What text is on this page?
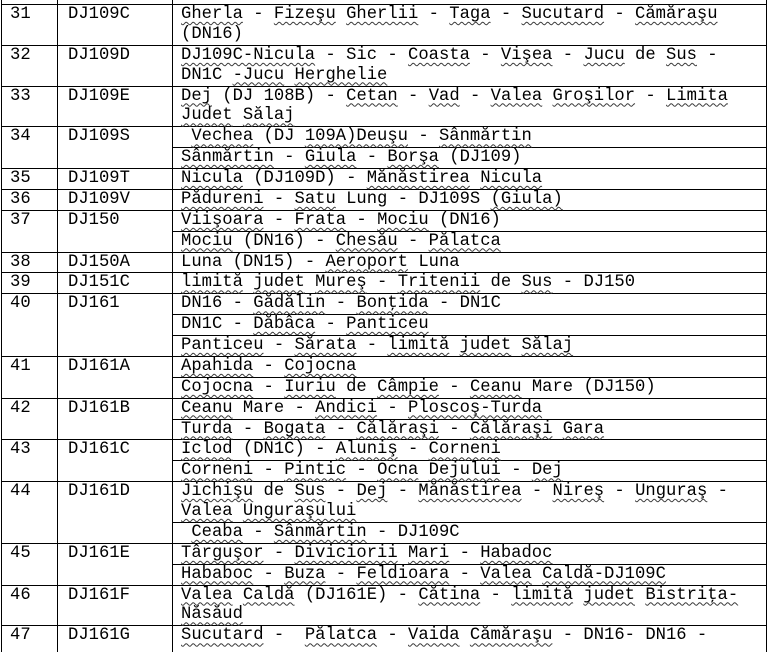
31	DJ109C	Gherla - Fizeşu Gherlii - Taga - Sucutard - Cămăraşu (DN16)
32	DJ109D	DJ109C-Nicula - Sic - Coasta - Vişea - Jucu de Sus - DN1C -Jucu Herghelie
33	DJ109E	Dej (DJ 108B) - Cetan - Vad - Valea Groşilor - Limita Judet Sălaj
34	DJ109S	Vechea (DJ 109A)Deuşu - Sânmărtin
		Sânmărtin - Giula - Borşa (DJ109)
35	DJ109T	Nicula (DJ109D) - Mănăstirea Nicula
36	DJ109V	Pădureni - Satu Lung - DJ109S (Giula)
37	DJ150	Viişoara - Frata - Mociu (DN16)
		Mociu (DN16) - Chesău - Pălatca
38	DJ150A	Luna (DN15) - Aeroport Luna
39	DJ151C	limită judet Mureş - Tritenii de Sus - DJ150
40	DJ161	DN16 - Gădălin - Bonţida - DN1C
		DN1C - Dăbâca - Panticeu
		Panticeu - Sărata - limită judet Sălaj
41	DJ161A	Apahida - Cojocna
		Cojocna - Iuriu de Câmpie - Ceanu Mare (DJ150)
42	DJ161B	Ceanu Mare - Andici - Ploscoş-Turda
		Turda - Bogata - Călăraşi - Călăraşi Gara
43	DJ161C	Iclod (DN1C) - Aluniş - Corneni
		Corneni - Pintic - Ocna Dejului - Dej
44	DJ161D	Jichişu de Sus - Dej - Mănăstirea - Nireş - Unguraş - Valea Unguraşului
		Ceaba - Sânmărtin - DJ109C
45	DJ161E	Târguşor - Diviciorii Mari - Habadoc
		Hababoc - Buza - Feldioara - Valea Caldă-DJ109C
46	DJ161F	Valea Caldă (DJ161E) - Cătina - limită judet Bistriţa-Năsăud
47	DJ161G	Sucutard - Pălatca - Vaida Cămăraşu - DN16- DN16 -
